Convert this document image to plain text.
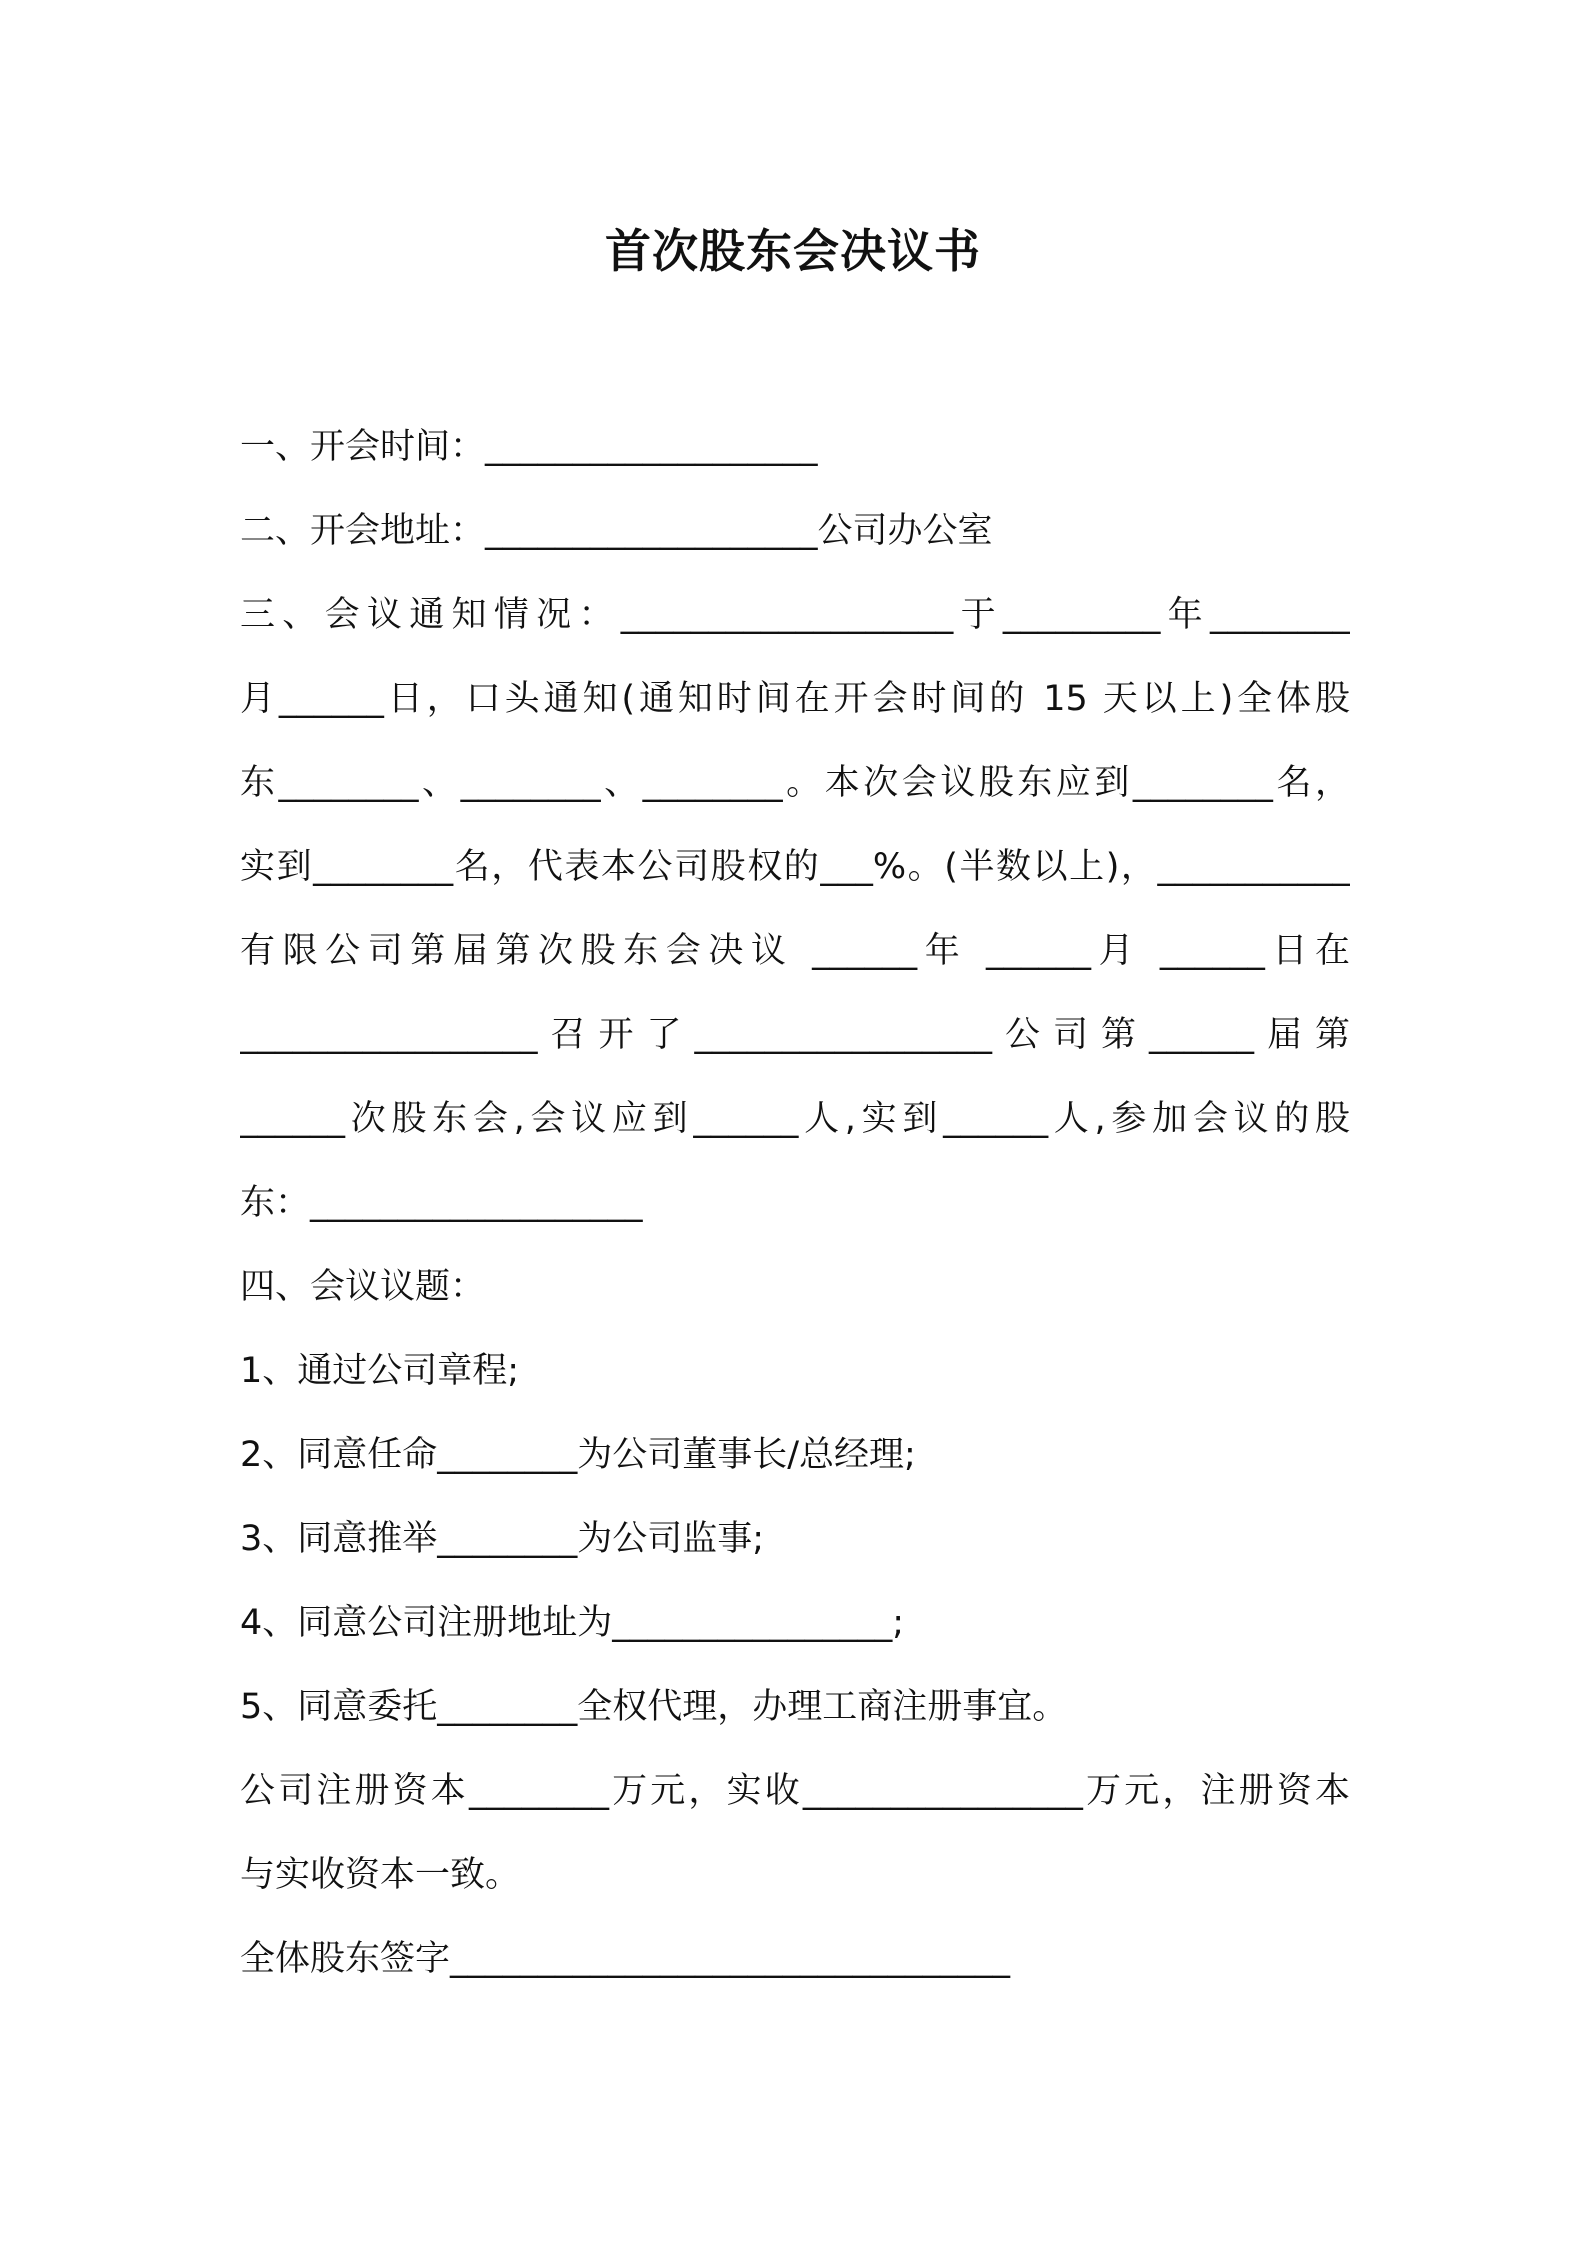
首次股东会决议书
一、开会时间：___________________
二、开会地址：___________________公司办公室
三、会议通知情况：___________________于_________年________
月______日，口头通知(通知时间在开会时间的 15 天以上)全体股
东________、________、________。本次会议股东应到________名，
实到________名，代表本公司股权的___%。(半数以上)，___________
有限公司第届第次股东会决议 ______年 ______月 ______日在
_________________召开了_________________公司第______届第
______次股东会,会议应到______人,实到______人,参加会议的股
东：___________________
四、会议议题：
1、通过公司章程;
2、同意任命________为公司董事长/总经理;
3、同意推举________为公司监事;
4、同意公司注册地址为________________;
5、同意委托________全权代理，办理工商注册事宜。
公司注册资本________万元，实收________________万元，注册资本
与实收资本一致。
全体股东签字________________________________
